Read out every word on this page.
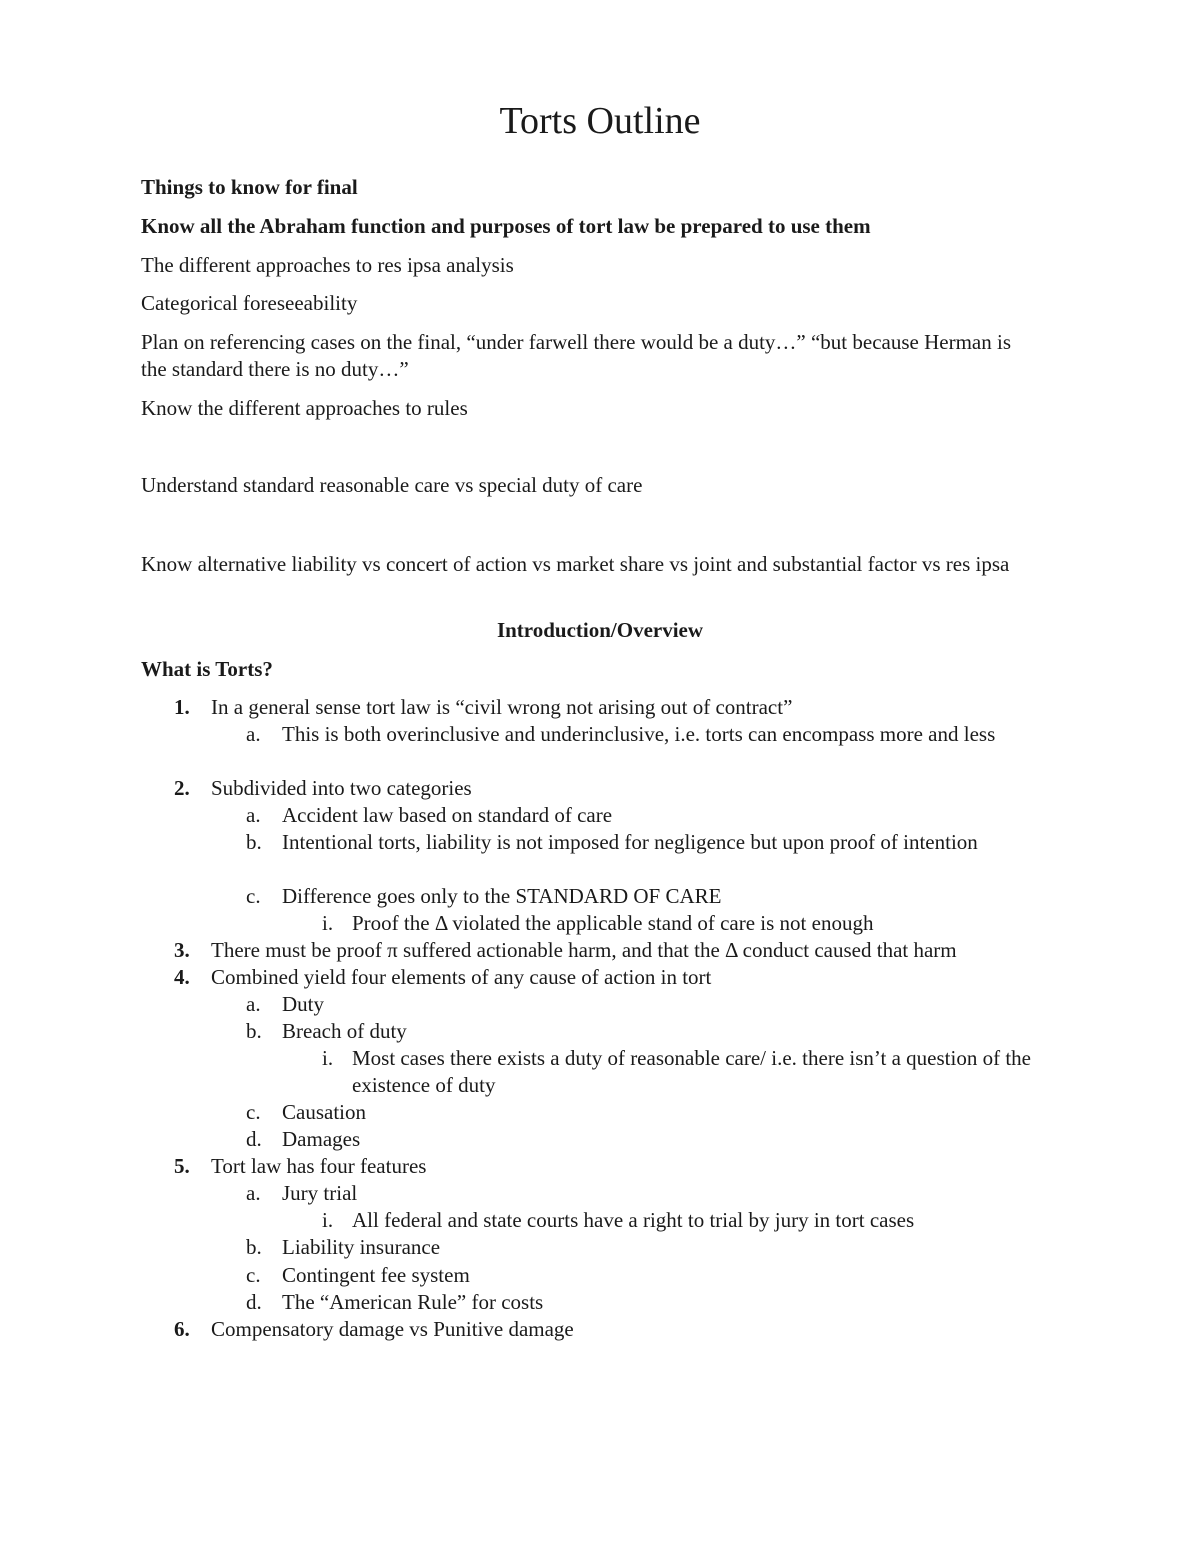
Torts Outline

Things to know for final

Know all the Abraham function and purposes of tort law be prepared to use them

The different approaches to res ipsa analysis

Categorical foreseeability

Plan on referencing cases on the final, “under farwell there would be a duty…” “but because Herman is the standard there is no duty…”

Know the different approaches to rules

Understand standard reasonable care vs special duty of care

Know alternative liability vs concert of action vs market share vs joint and substantial factor vs res ipsa

Introduction/Overview

What is Torts?

1. In a general sense tort law is “civil wrong not arising out of contract”
a. This is both overinclusive and underinclusive, i.e. torts can encompass more and less
2. Subdivided into two categories
a. Accident law based on standard of care
b. Intentional torts, liability is not imposed for negligence but upon proof of intention
c. Difference goes only to the STANDARD OF CARE
i. Proof the Δ violated the applicable stand of care is not enough
3. There must be proof π suffered actionable harm, and that the Δ conduct caused that harm
4. Combined yield four elements of any cause of action in tort
a. Duty
b. Breach of duty
i. Most cases there exists a duty of reasonable care/ i.e. there isn’t a question of the existence of duty
c. Causation
d. Damages
5. Tort law has four features
a. Jury trial
i. All federal and state courts have a right to trial by jury in tort cases
b. Liability insurance
c. Contingent fee system
d. The “American Rule” for costs
6. Compensatory damage vs Punitive damage
